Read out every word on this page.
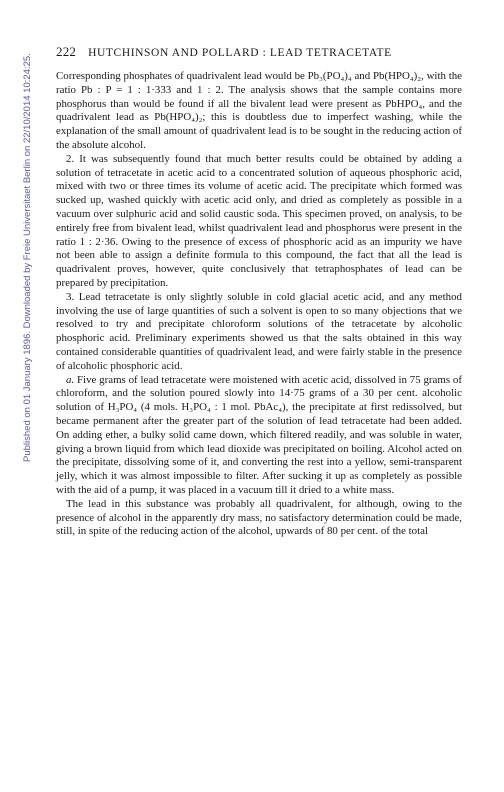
222 HUTCHINSON AND POLLARD : LEAD TETRACETATE
Published on 01 January 1896. Downloaded by Freie Universitaet Berlin on 22/10/2014 10:24:25. Corresponding phosphates of quadrivalent lead would be Pb₃(PO₄)₄ and Pb(HPO₄)₂, with the ratio Pb : P = 1 : 1·333 and 1 : 2. The analysis shows that the sample contains more phosphorus than would be found if all the bivalent lead were present as PbHPO₄, and the quadrivalent lead as Pb(HPO₄)₂; this is doubtless due to imperfect washing, while the explanation of the small amount of quadrivalent lead is to be sought in the reducing action of the absolute alcohol.

2. It was subsequently found that much better results could be obtained by adding a solution of tetracetate in acetic acid to a concentrated solution of aqueous phosphoric acid, mixed with two or three times its volume of acetic acid. The precipitate which formed was sucked up, washed quickly with acetic acid only, and dried as completely as possible in a vacuum over sulphuric acid and solid caustic soda. This specimen proved, on analysis, to be entirely free from bivalent lead, whilst quadrivalent lead and phosphorus were present in the ratio 1 : 2·36. Owing to the presence of excess of phosphoric acid as an impurity we have not been able to assign a definite formula to this compound, the fact that all the lead is quadrivalent proves, however, quite conclusively that tetraphosphates of lead can be prepared by precipitation.

3. Lead tetracetate is only slightly soluble in cold glacial acetic acid, and any method involving the use of large quantities of such a solvent is open to so many objections that we resolved to try and precipitate chloroform solutions of the tetracetate by alcoholic phosphoric acid. Preliminary experiments showed us that the salts obtained in this way contained considerable quantities of quadrivalent lead, and were fairly stable in the presence of alcoholic phosphoric acid.

a. Five grams of lead tetracetate were moistened with acetic acid, dissolved in 75 grams of chloroform, and the solution poured slowly into 14·75 grams of a 30 per cent. alcoholic solution of H₃PO₄ (4 mols. H₃PO₄ : 1 mol. PbAc₄), the precipitate at first redissolved, but became permanent after the greater part of the solution of lead tetracetate had been added. On adding ether, a bulky solid came down, which filtered readily, and was soluble in water, giving a brown liquid from which lead dioxide was precipitated on boiling. Alcohol acted on the precipitate, dissolving some of it, and converting the rest into a yellow, semi-transparent jelly, which it was almost impossible to filter. After sucking it up as completely as possible with the aid of a pump, it was placed in a vacuum till it dried to a white mass.

The lead in this substance was probably all quadrivalent, for although, owing to the presence of alcohol in the apparently dry mass, no satisfactory determination could be made, still, in spite of the reducing action of the alcohol, upwards of 80 per cent. of the total
